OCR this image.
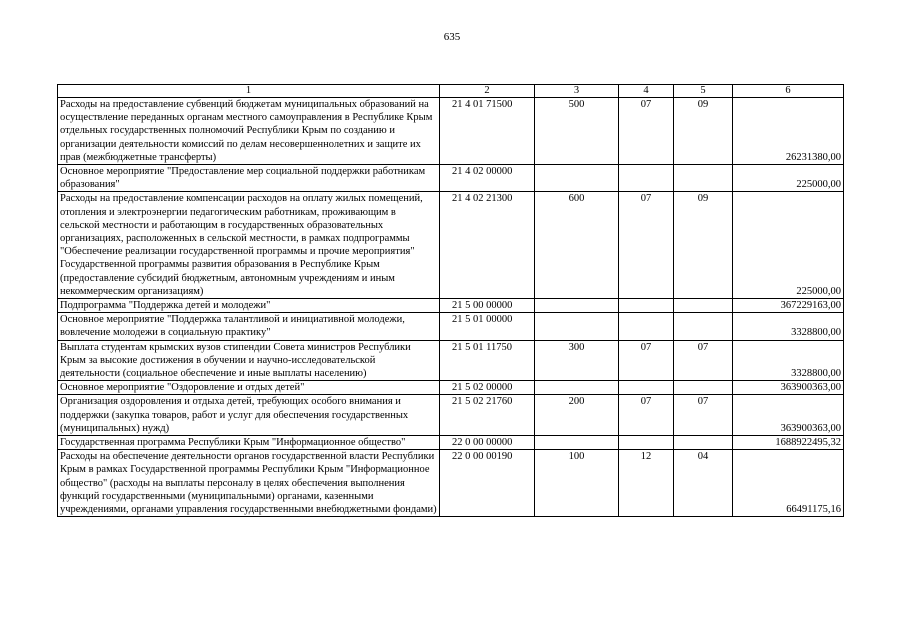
635
1	2	3	4	5	6
Расходы на предоставление субвенций бюджетам муниципальных образований на осуществление переданных органам местного самоуправления в Республике Крым отдельных государственных полномочий Республики Крым по созданию и организации деятельности комиссий по делам несовершеннолетних и защите их прав (межбюджетные трансферты)	21 4 01 71500	500	07	09	26231380,00
Основное мероприятие "Предоставление мер социальной поддержки работникам образования"	21 4 02 00000				225000,00
Расходы на предоставление компенсации расходов на оплату жилых помещений, отопления и электроэнергии педагогическим работникам, проживающим в сельской местности и работающим в государственных образовательных организациях, расположенных в сельской местности, в рамках подпрограммы "Обеспечение реализации государственной программы и прочие мероприятия" Государственной программы развития образования в Республике Крым (предоставление субсидий бюджетным, автономным учреждениям и иным некоммерческим организациям)	21 4 02 21300	600	07	09	225000,00
Подпрограмма "Поддержка детей и молодежи"	21 5 00 00000				367229163,00
Основное мероприятие "Поддержка талантливой и инициативной молодежи, вовлечение молодежи в социальную практику"	21 5 01 00000				3328800,00
Выплата студентам крымских вузов стипендии Совета министров Республики Крым за высокие достижения в обучении и научно-исследовательской деятельности (социальное обеспечение и иные выплаты населению)	21 5 01 11750	300	07	07	3328800,00
Основное мероприятие "Оздоровление и отдых детей"	21 5 02 00000				363900363,00
Организация оздоровления и отдыха детей, требующих особого внимания и поддержки (закупка товаров, работ и услуг для обеспечения государственных (муниципальных) нужд)	21 5 02 21760	200	07	07	363900363,00
Государственная программа Республики Крым "Информационное общество"	22 0 00 00000				1688922495,32
Расходы на обеспечение деятельности органов государственной власти Республики Крым в рамках Государственной программы Республики Крым "Информационное общество" (расходы на выплаты персоналу в целях обеспечения выполнения функций государственными (муниципальными) органами, казенными учреждениями, органами управления государственными внебюджетными фондами)	22 0 00 00190	100	12	04	66491175,16
